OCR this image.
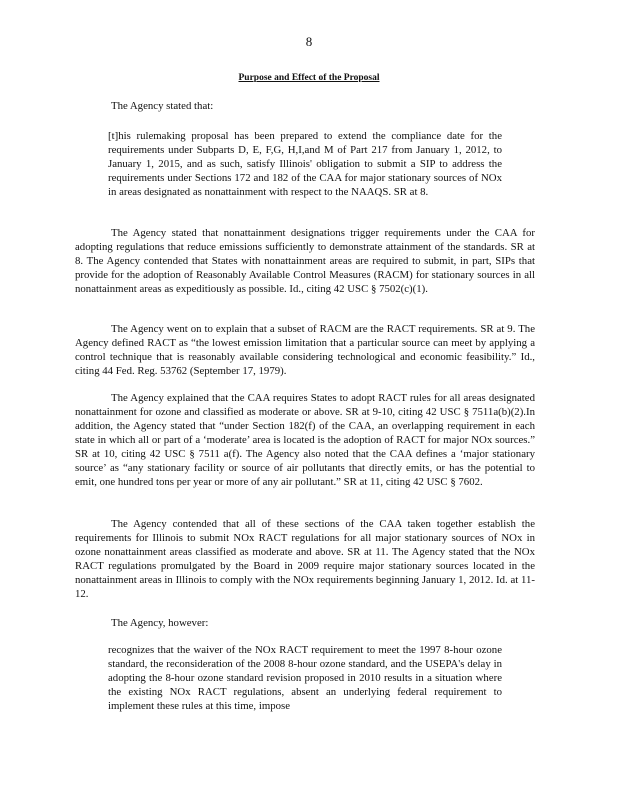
8
Purpose and Effect of the Proposal
The Agency stated that:
[t]his rulemaking proposal has been prepared to extend the compliance date for the requirements under Subparts D, E, F,G, H,I,and M of Part 217 from January 1, 2012, to January 1, 2015, and as such, satisfy Illinois' obligation to submit a SIP to address the requirements under Sections 172 and 182 of the CAA for major stationary sources of NOx in areas designated as nonattainment with respect to the NAAQS. SR at 8.
The Agency stated that nonattainment designations trigger requirements under the CAA for adopting regulations that reduce emissions sufficiently to demonstrate attainment of the standards. SR at 8. The Agency contended that States with nonattainment areas are required to submit, in part, SIPs that provide for the adoption of Reasonably Available Control Measures (RACM) for stationary sources in all nonattainment areas as expeditiously as possible. Id., citing 42 USC § 7502(c)(1).
The Agency went on to explain that a subset of RACM are the RACT requirements. SR at 9. The Agency defined RACT as “the lowest emission limitation that a particular source can meet by applying a control technique that is reasonably available considering technological and economic feasibility.” Id., citing 44 Fed. Reg. 53762 (September 17, 1979).
The Agency explained that the CAA requires States to adopt RACT rules for all areas designated nonattainment for ozone and classified as moderate or above. SR at 9-10, citing 42 USC § 7511a(b)(2).In addition, the Agency stated that “under Section 182(f) of the CAA, an overlapping requirement in each state in which all or part of a ‘moderate’ area is located is the adoption of RACT for major NOx sources.” SR at 10, citing 42 USC § 7511 a(f). The Agency also noted that the CAA defines a ‘major stationary source’ as “any stationary facility or source of air pollutants that directly emits, or has the potential to emit, one hundred tons per year or more of any air pollutant.” SR at 11, citing 42 USC § 7602.
The Agency contended that all of these sections of the CAA taken together establish the requirements for Illinois to submit NOx RACT regulations for all major stationary sources of NOx in ozone nonattainment areas classified as moderate and above. SR at 11. The Agency stated that the NOx RACT regulations promulgated by the Board in 2009 require major stationary sources located in the nonattainment areas in Illinois to comply with the NOx requirements beginning January 1, 2012. Id. at 11-12.
The Agency, however:
recognizes that the waiver of the NOx RACT requirement to meet the 1997 8-hour ozone standard, the reconsideration of the 2008 8-hour ozone standard, and the USEPA's delay in adopting the 8-hour ozone standard revision proposed in 2010 results in a situation where the existing NOx RACT regulations, absent an underlying federal requirement to implement these rules at this time, impose
